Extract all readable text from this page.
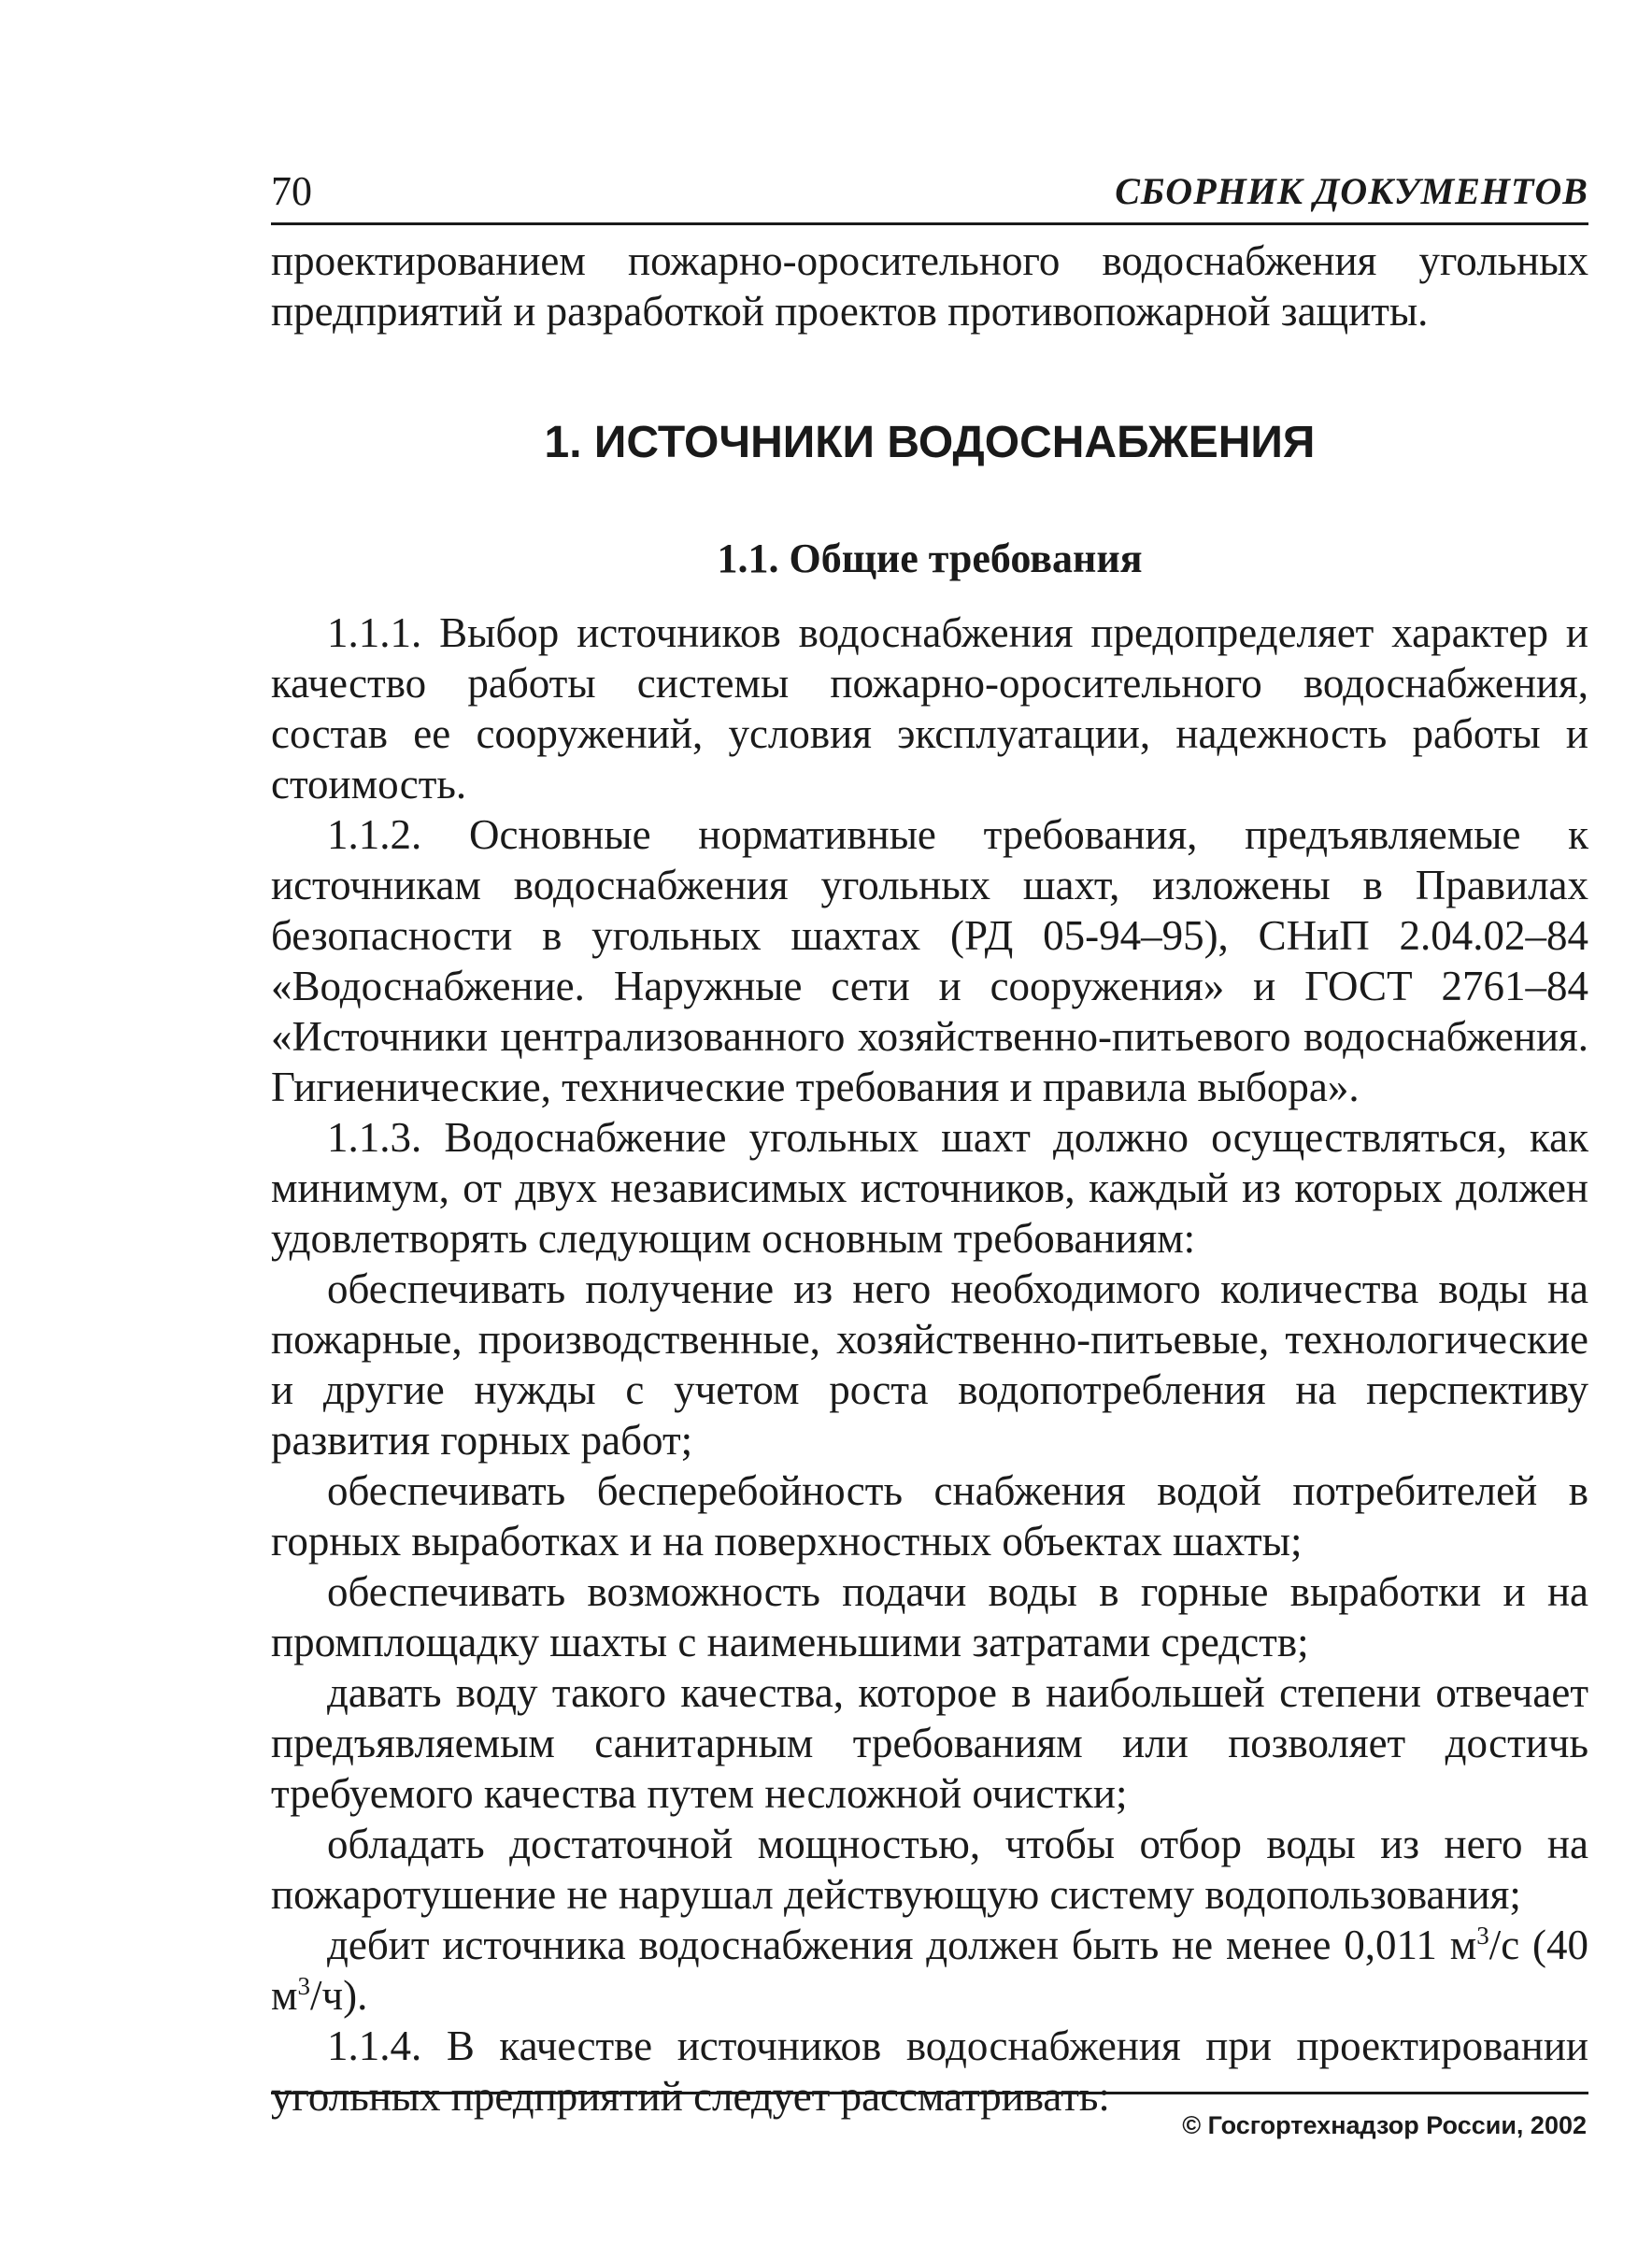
70	СБОРНИК ДОКУМЕНТОВ

проектированием пожарно-оросительного водоснабжения угольных предприятий и разработкой проектов противопожарной защиты.

1. ИСТОЧНИКИ ВОДОСНАБЖЕНИЯ
1.1. Общие требования

1.1.1. Выбор источников водоснабжения предопределяет характер и качество работы системы пожарно-оросительного водоснабжения, состав ее сооружений, условия эксплуатации, надежность работы и стоимость.

1.1.2. Основные нормативные требования, предъявляемые к источникам водоснабжения угольных шахт, изложены в Правилах безопасности в угольных шахтах (РД 05-94–95), СНиП 2.04.02–84 «Водоснабжение. Наружные сети и сооружения» и ГОСТ 2761–84 «Источники централизованного хозяйственно-питьевого водоснабжения. Гигиенические, технические требования и правила выбора».

1.1.3. Водоснабжение угольных шахт должно осуществляться, как минимум, от двух независимых источников, каждый из которых должен удовлетворять следующим основным требованиям:

обеспечивать получение из него необходимого количества воды на пожарные, производственные, хозяйственно-питьевые, технологические и другие нужды с учетом роста водопотребления на перспективу развития горных работ;

обеспечивать бесперебойность снабжения водой потребителей в горных выработках и на поверхностных объектах шахты;

обеспечивать возможность подачи воды в горные выработки и на промплощадку шахты с наименьшими затратами средств;

давать воду такого качества, которое в наибольшей степени отвечает предъявляемым санитарным требованиям или позволяет достичь требуемого качества путем несложной очистки;

обладать достаточной мощностью, чтобы отбор воды из него на пожаротушение не нарушал действующую систему водопользования;

дебит источника водоснабжения должен быть не менее 0,011 $м^3/с$ (40 $м^3/ч$).

1.1.4. В качестве источников водоснабжения при проектировании угольных предприятий следует рассматривать:

© Госгортехнадзор России, 2002
